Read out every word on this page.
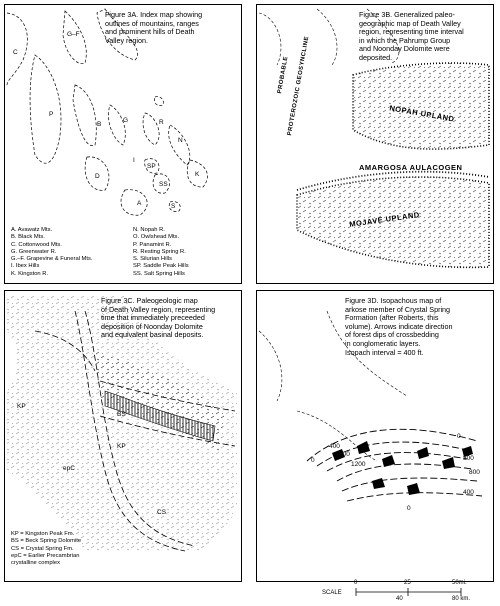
Figure 3A. Index map showing
outlines of mountains, ranges
and prominent hills of Death
Valley region.
C
G–F
P
B
G	R
N
I
SP
D
SS
K
A	S
A. Avawatz Mts.
B. Black Mts.
C. Cottonwood Mts.
G. Greenwater R.
G.–F. Grapevine & Funeral Mts.
I. Ibex Hills
K. Kingston R.
N. Nopah R.
O. Owlshead Mts.
P. Panamint R.
R. Resting Spring R.
S. Silurian Hills
SP. Saddle Peak Hills
SS. Salt Spring Hills
Figure 3B. Generalized paleo-
geographic map of Death Valley
region, representing time interval
in which the Pahrump Group
and Noonday Dolomite were
deposited.
PROBABLE
PROTEROZOIC GEOSYNCLINE	NOPAH UPLAND
AMARGOSA AULACOGEN
MOJAVE UPLAND
Figure 3C. Paleogeologic map
of Death Valley region, representing
time that immediately preceeded
deposition of Noonday Dolomite
and equivalent basinal deposits.
KP
KP
BS
epC
CS
KP = Kingston Peak Fm.
BS = Beck Spring Dolomite
CS = Crystal Spring Fm.
epC = Earlier Precambrian
crystalline complex
Figure 3D. Isopachous map of
arkose member of Crystal Spring
Formation (after Roberts, this
volume). Arrows indicate direction
of forest dips of crossbedding
in conglomeratic layers.
Isopach interval = 400 ft.
0
400
800
1200
0
800
800
400
0
SCALE
0	25	50mi.
40	80 km.
